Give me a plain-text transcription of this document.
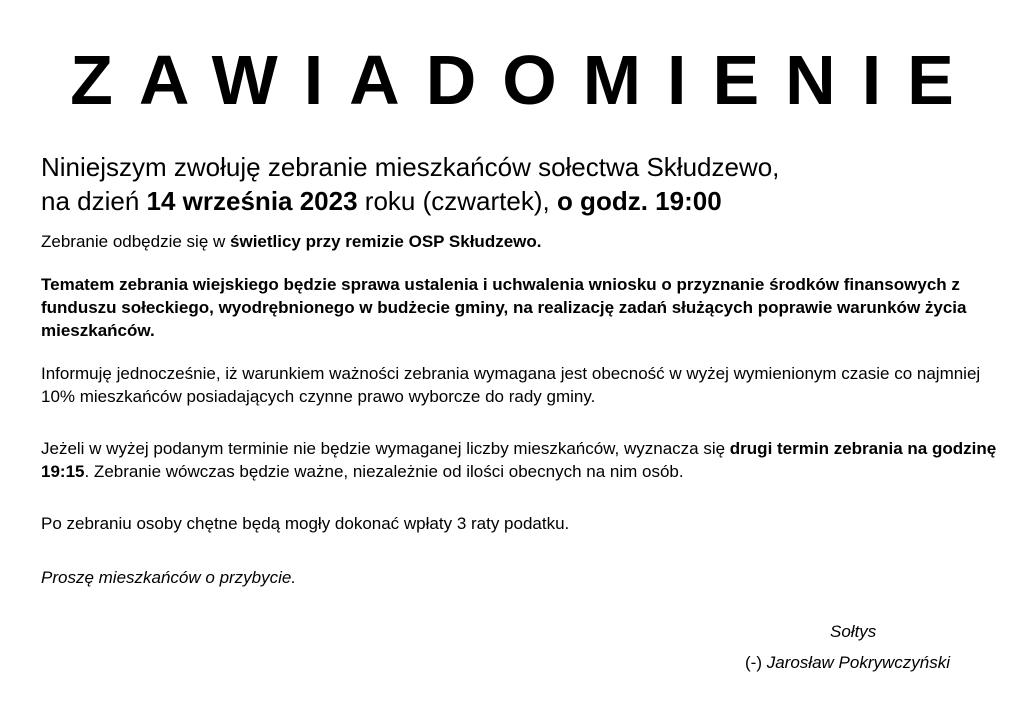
ZAWIADOMIENIE
Niniejszym zwołuję zebranie mieszkańców sołectwa Skłudzewo,
na dzień 14 września 2023 roku (czwartek), o godz. 19:00
Zebranie odbędzie się w świetlicy przy remizie OSP Skłudzewo.
Tematem zebrania wiejskiego będzie sprawa ustalenia i uchwalenia wniosku o przyznanie środków finansowych z funduszu sołeckiego, wyodrębnionego w budżecie gminy, na realizację zadań służących poprawie warunków życia mieszkańców.
Informuję jednocześnie, iż warunkiem ważności zebrania wymagana jest obecność w wyżej wymienionym czasie co najmniej 10% mieszkańców posiadających czynne prawo wyborcze do rady gminy.
Jeżeli w wyżej podanym terminie nie będzie wymaganej liczby mieszkańców, wyznacza się drugi termin zebrania na godzinę 19:15. Zebranie wówczas będzie ważne, niezależnie od ilości obecnych na nim osób.
Po zebraniu osoby chętne będą mogły dokonać wpłaty 3 raty podatku.
Proszę mieszkańców o przybycie.
Sołtys
(-) Jarosław Pokrywczyński
